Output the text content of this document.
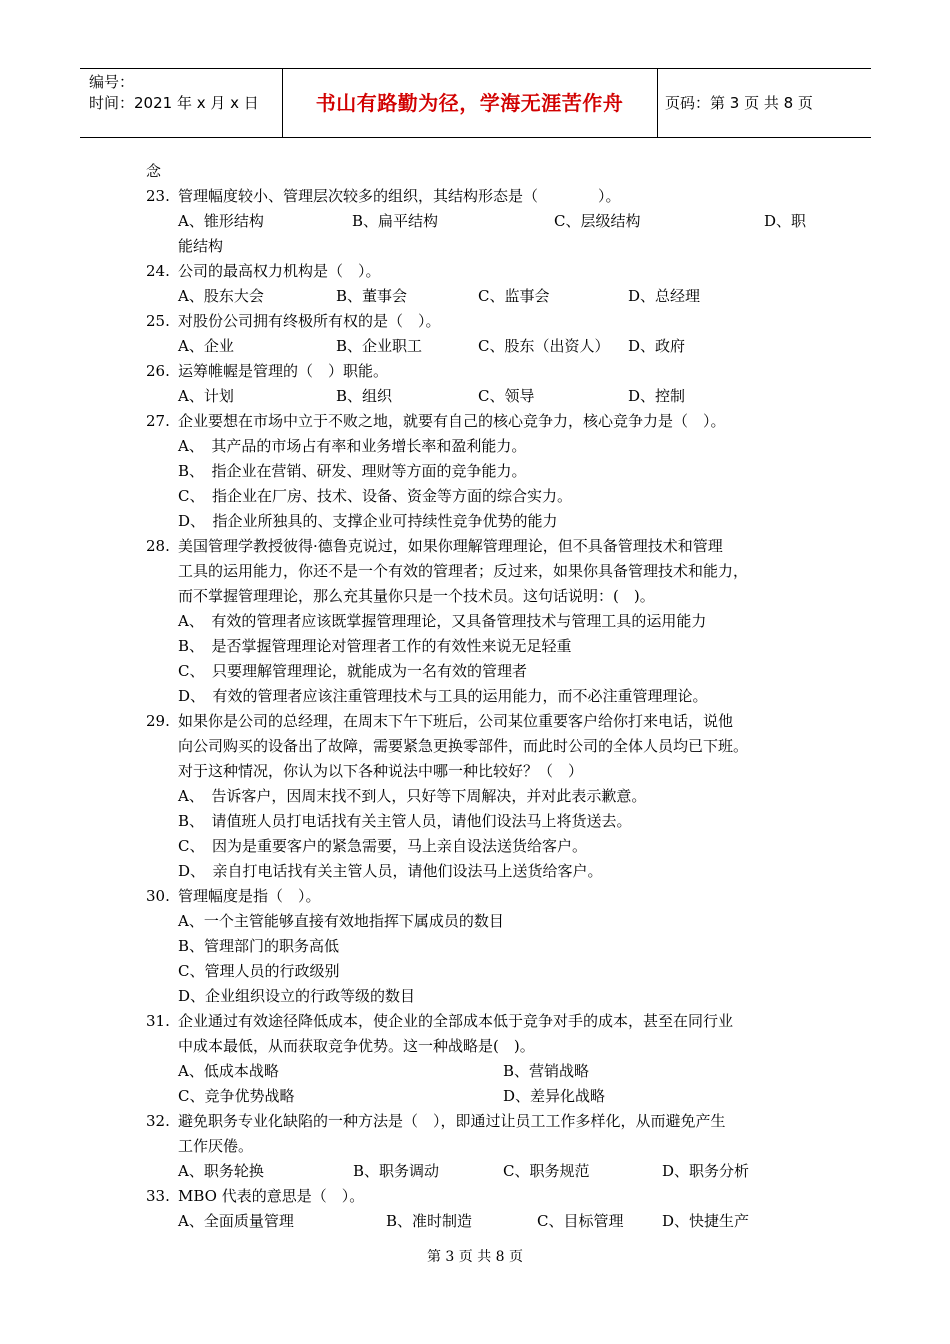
编号：
时间：2021 年 x 月 x 日	书山有路勤为径，学海无涯苦作舟	页码：第 3 页 共 8 页
念
23. 管理幅度较小、管理层次较多的组织，其结构形态是（　　　　）。
A、锥形结构	B、扁平结构	C、层级结构	D、职
能结构
24. 公司的最高权力机构是（　）。
A、股东大会	B、董事会	C、监事会	D、总经理
25. 对股份公司拥有终极所有权的是（　）。
A、企业	B、企业职工	C、股东（出资人） D、政府
26. 运筹帷幄是管理的（　）职能。
A、计划	B、组织	C、领导	D、控制
27. 企业要想在市场中立于不败之地，就要有自己的核心竞争力，核心竞争力是（　）。
A、　其产品的市场占有率和业务增长率和盈利能力。
B、　指企业在营销、研发、理财等方面的竞争能力。
C、　指企业在厂房、技术、设备、资金等方面的综合实力。
D、　指企业所独具的、支撑企业可持续性竞争优势的能力
28. 美国管理学教授彼得·德鲁克说过，如果你理解管理理论，但不具备管理技术和管理
工具的运用能力，你还不是一个有效的管理者；反过来，如果你具备管理技术和能力，
而不掌握管理理论，那么充其量你只是一个技术员。这句话说明：(　)。
A、　有效的管理者应该既掌握管理理论，又具备管理技术与管理工具的运用能力
B、　是否掌握管理理论对管理者工作的有效性来说无足轻重
C、　只要理解管理理论，就能成为一名有效的管理者
D、　有效的管理者应该注重管理技术与工具的运用能力，而不必注重管理理论。
29. 如果你是公司的总经理，在周末下午下班后，公司某位重要客户给你打来电话，说他
向公司购买的设备出了故障，需要紧急更换零部件，而此时公司的全体人员均已下班。
对于这种情况，你认为以下各种说法中哪一种比较好？（　）
A、　告诉客户，因周末找不到人，只好等下周解决，并对此表示歉意。
B、　请值班人员打电话找有关主管人员，请他们设法马上将货送去。
C、　因为是重要客户的紧急需要，马上亲自设法送货给客户。
D、　亲自打电话找有关主管人员，请他们设法马上送货给客户。
30. 管理幅度是指（　）。
A、一个主管能够直接有效地指挥下属成员的数目
B、管理部门的职务高低
C、管理人员的行政级别
D、企业组织设立的行政等级的数目
31. 企业通过有效途径降低成本，使企业的全部成本低于竞争对手的成本，甚至在同行业
中成本最低，从而获取竞争优势。这一种战略是(　)。
A、低成本战略	B、营销战略
C、竞争优势战略	D、差异化战略
32. 避免职务专业化缺陷的一种方法是（　），即通过让员工工作多样化，从而避免产生
工作厌倦。
A、职务轮换	B、职务调动	C、职务规范	D、职务分析
33. MBO 代表的意思是（　）。
A、全面质量管理	B、准时制造	C、目标管理	D、快捷生产
第 3 页 共 8 页
